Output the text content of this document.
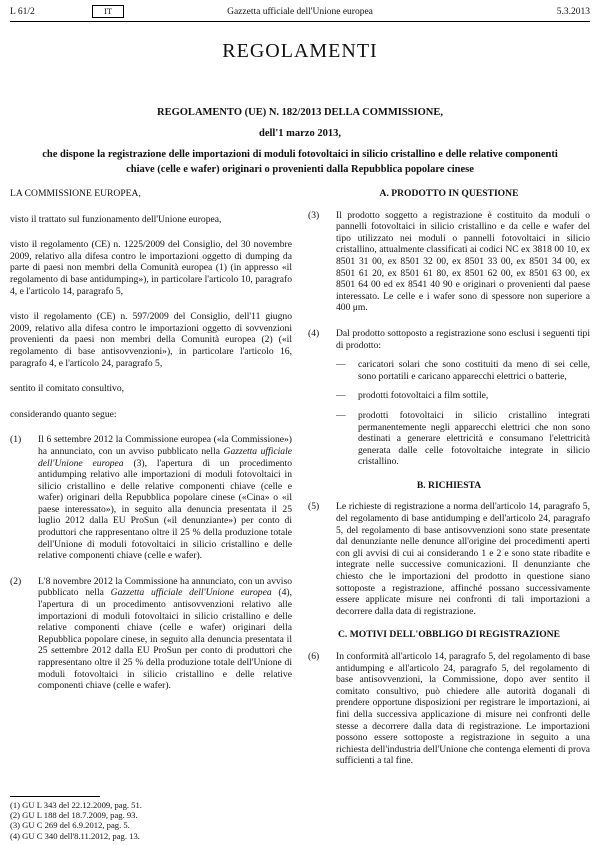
L 61/2	IT	Gazzetta ufficiale dell'Unione europea	5.3.2013
REGOLAMENTI
REGOLAMENTO (UE) N. 182/2013 DELLA COMMISSIONE,
dell'1 marzo 2013,
che dispone la registrazione delle importazioni di moduli fotovoltaici in silicio cristallino e delle relative componenti chiave (celle e wafer) originari o provenienti dalla Repubblica popolare cinese

LA COMMISSIONE EUROPEA,

visto il trattato sul funzionamento dell'Unione europea,

visto il regolamento (CE) n. 1225/2009 del Consiglio, del 30 novembre 2009, relativo alla difesa contro le importazioni oggetto di dumping da parte di paesi non membri della Comunità europea (1) (in appresso «il regolamento di base antidumping»), in particolare l'articolo 10, paragrafo 4, e l'articolo 14, paragrafo 5,

visto il regolamento (CE) n. 597/2009 del Consiglio, dell'11 giugno 2009, relativo alla difesa contro le importazioni oggetto di sovvenzioni provenienti da paesi non membri della Comunità europea (2) («il regolamento di base antisovvenzioni»), in particolare l'articolo 16, paragrafo 4, e l'articolo 24, paragrafo 5,

sentito il comitato consultivo,

considerando quanto segue:

(1)	Il 6 settembre 2012 la Commissione europea («la Commissione») ha annunciato, con un avviso pubblicato nella Gazzetta ufficiale dell'Unione europea (3), l'apertura di un procedimento antidumping relativo alle importazioni di moduli fotovoltaici in silicio cristallino e delle relative componenti chiave (celle e wafer) originari della Repubblica popolare cinese («Cina» o «il paese interessato»), in seguito alla denuncia presentata il 25 luglio 2012 dalla EU ProSun («il denunziante») per conto di produttori che rappresentano oltre il 25 % della produzione totale dell'Unione di moduli fotovoltaici in silicio cristallino e delle relative componenti chiave (celle e wafer).
(2)	L'8 novembre 2012 la Commissione ha annunciato, con un avviso pubblicato nella Gazzetta ufficiale dell'Unione europea (4), l'apertura di un procedimento antisovvenzioni relativo alle importazioni di moduli fotovoltaici in silicio cristallino e delle relative componenti chiave (celle e wafer) originari della Repubblica popolare cinese, in seguito alla denuncia presentata il 25 settembre 2012 dalla EU ProSun per conto di produttori che rappresentano oltre il 25 % della produzione totale dell'Unione di moduli fotovoltaici in silicio cristallino e delle relative componenti chiave (celle e wafer).

A. PRODOTTO IN QUESTIONE

(3)	Il prodotto soggetto a registrazione è costituito da moduli o pannelli fotovoltaici in silicio cristallino e da celle e wafer del tipo utilizzato nei moduli o pannelli fotovoltaici in silicio cristallino, attualmente classificati ai codici NC ex 3818 00 10, ex 8501 31 00, ex 8501 32 00, ex 8501 33 00, ex 8501 34 00, ex 8501 61 20, ex 8501 61 80, ex 8501 62 00, ex 8501 63 00, ex 8501 64 00 ed ex 8541 40 90 e originari o provenienti dal paese interessato. Le celle e i wafer sono di spessore non superiore a 400 μm.
(4)	Dal prodotto sottoposto a registrazione sono esclusi i seguenti tipi di prodotto:
—	caricatori solari che sono costituiti da meno di sei celle, sono portatili e caricano apparecchi elettrici o batterie,
—	prodotti fotovoltaici a film sottile,
—	prodotti fotovoltaici in silicio cristallino integrati permanentemente negli apparecchi elettrici che non sono destinati a generare elettricità e consumano l'elettricità generata dalle celle fotovoltaiche integrate in silicio cristallino.

B. RICHIESTA

(5)	Le richieste di registrazione a norma dell'articolo 14, paragrafo 5, del regolamento di base antidumping e dell'articolo 24, paragrafo 5, del regolamento di base antisovvenzioni sono state presentate dal denunziante nelle denunce all'origine dei procedimenti aperti con gli avvisi di cui ai considerando 1 e 2 e sono state ribadite e integrate nelle successive comunicazioni. Il denunziante che chiesto che le importazioni del prodotto in questione siano sottoposte a registrazione, affinché possano successivamente essere applicate misure nei confronti di tali importazioni a decorrere dalla data di registrazione.

C. MOTIVI DELL'OBBLIGO DI REGISTRAZIONE

(6)	In conformità all'articolo 14, paragrafo 5, del regolamento di base antidumping e all'articolo 24, paragrafo 5, del regolamento di base antisovvenzioni, la Commissione, dopo aver sentito il comitato consultivo, può chiedere alle autorità doganali di prendere opportune disposizioni per registrare le importazioni, ai fini della successiva applicazione di misure nei confronti delle stesse a decorrere dalla data di registrazione. Le importazioni possono essere sottoposte a registrazione in seguito a una richiesta dell'industria dell'Unione che contenga elementi di prova sufficienti a tal fine.
(1) GU L 343 del 22.12.2009, pag. 51.
(2) GU L 188 del 18.7.2009, pag. 93.
(3) GU C 269 del 6.9.2012, pag. 5.
(4) GU C 340 dell'8.11.2012, pag. 13.
